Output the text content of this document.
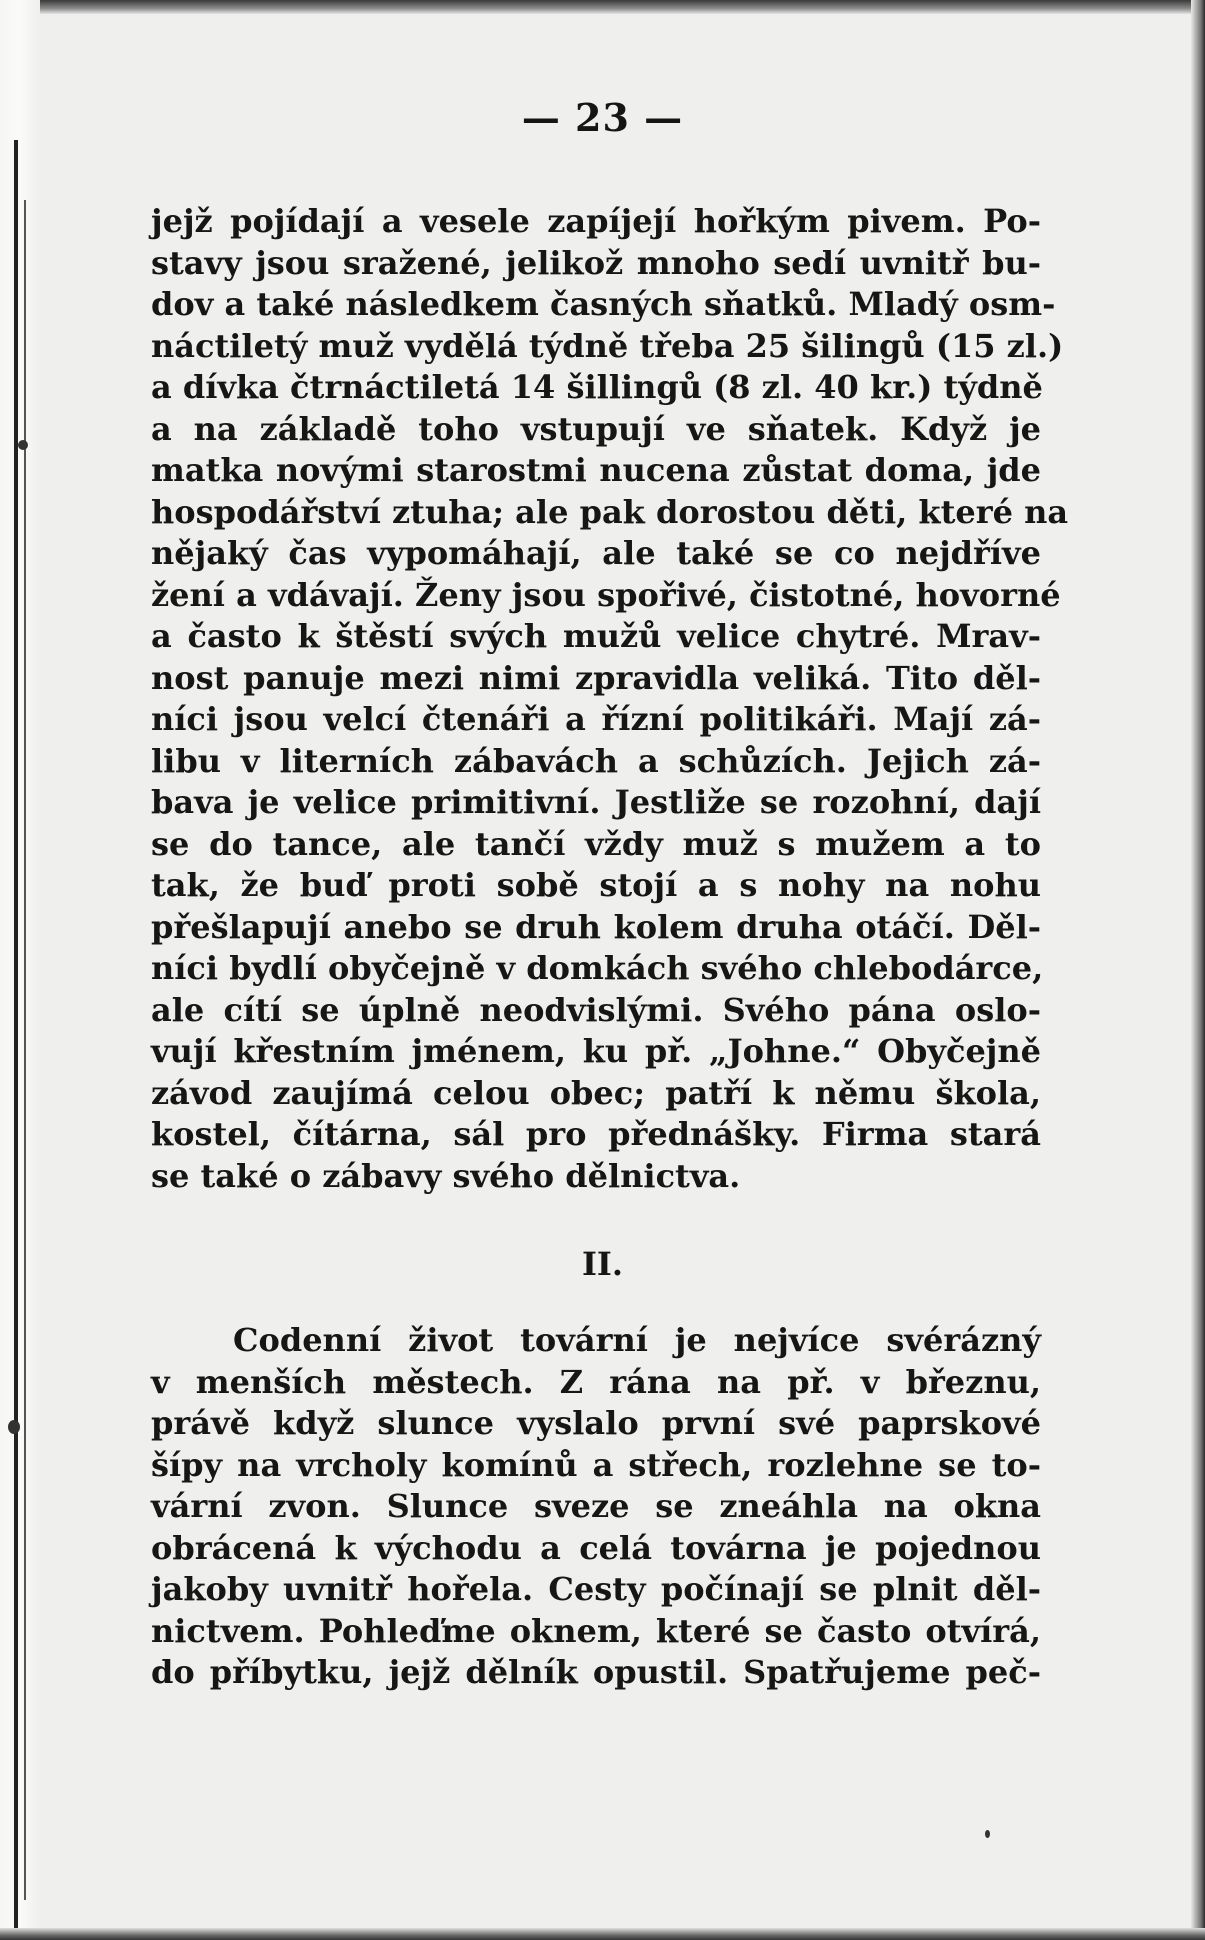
— 23 —
jejž pojídají a vesele zapíjejí hořkým pivem. Po-
stavy jsou sražené, jelikož mnoho sedí uvnitř bu-
dov a také následkem časných sňatků. Mladý osm-
náctiletý muž vydělá týdně třeba 25 šilingů (15 zl.)
a dívka čtrnáctiletá 14 šillingů (8 zl. 40 kr.) týdně
a na základě toho vstupují ve sňatek. Když je
matka novými starostmi nucena zůstat doma, jde
hospodářství ztuha; ale pak dorostou děti, které na
nějaký čas vypomáhají, ale také se co nejdříve
žení a vdávají. Ženy jsou spořivé, čistotné, hovorné
a často k štěstí svých mužů velice chytré. Mrav-
nost panuje mezi nimi zpravidla veliká. Tito děl-
níci jsou velcí čtenáři a řízní politikáři. Mají zá-
libu v literních zábavách a schůzích. Jejich zá-
bava je velice primitivní. Jestliže se rozohní, dají
se do tance, ale tančí vždy muž s mužem a to
tak, že buď proti sobě stojí a s nohy na nohu
přešlapují anebo se druh kolem druha otáčí. Děl-
níci bydlí obyčejně v domkách svého chlebodárce,
ale cítí se úplně neodvislými. Svého pána oslo-
vují křestním jménem, ku př. „Johne.“ Obyčejně
závod zaujímá celou obec; patří k němu škola,
kostel, čítárna, sál pro přednášky. Firma stará
se také o zábavy svého dělnictva.
II.
Codenní život tovární je nejvíce svérázný
v menších městech. Z rána na př. v březnu,
právě když slunce vyslalo první své paprskové
šípy na vrcholy komínů a střech, rozlehne se to-
vární zvon. Slunce sveze se zneáhla na okna
obrácená k východu a celá továrna je pojednou
jakoby uvnitř hořela. Cesty počínají se plnit děl-
nictvem. Pohleďme oknem, které se často otvírá,
do příbytku, jejž dělník opustil. Spatřujeme peč-
